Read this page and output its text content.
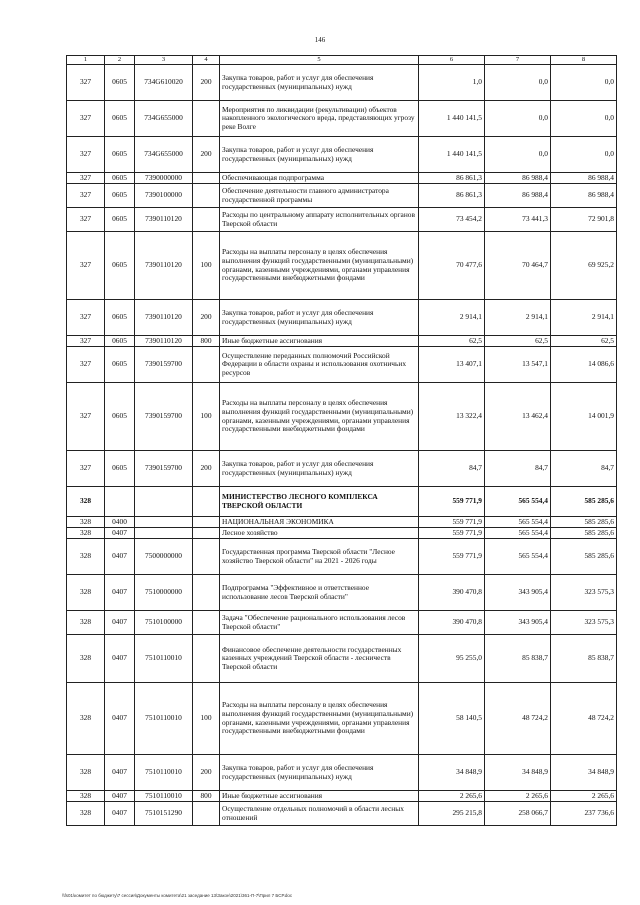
146
1	2	3	4	5	6	7	8
327	0605	734G610020	200	Закупка товаров, работ и услуг для обеспечения государственных (муниципальных) нужд	1,0	0,0	0,0
327	0605	734G655000		Мероприятия по ликвидации (рекультивации) объектов накопленного экологического вреда, представляющих угрозу реке Волге	1 440 141,5	0,0	0,0
327	0605	734G655000	200	Закупка товаров, работ и услуг для обеспечения государственных (муниципальных) нужд	1 440 141,5	0,0	0,0
327	0605	7390000000		Обеспечивающая подпрограмма	86 861,3	86 988,4	86 988,4
327	0605	7390100000		Обеспечение деятельности главного администратора государственной программы	86 861,3	86 988,4	86 988,4
327	0605	7390110120		Расходы по центральному аппарату исполнительных органов Тверской области	73 454,2	73 441,3	72 901,8
327	0605	7390110120	100	Расходы на выплаты персоналу в целях обеспечения выполнения функций государственными (муниципальными) органами, казенными учреждениями, органами управления государственными внебюджетными фондами	70 477,6	70 464,7	69 925,2
327	0605	7390110120	200	Закупка товаров, работ и услуг для обеспечения государственных (муниципальных) нужд	2 914,1	2 914,1	2 914,1
327	0605	7390110120	800	Иные бюджетные ассигнования	62,5	62,5	62,5
327	0605	7390159700		Осуществление переданных полномочий Российской Федерации в области охраны и использования охотничьих ресурсов	13 407,1	13 547,1	14 086,6
327	0605	7390159700	100	Расходы на выплаты персоналу в целях обеспечения выполнения функций государственными (муниципальными) органами, казенными учреждениями, органами управления государственными внебюджетными фондами	13 322,4	13 462,4	14 001,9
327	0605	7390159700	200	Закупка товаров, работ и услуг для обеспечения государственных (муниципальных) нужд	84,7	84,7	84,7
328				МИНИСТЕРСТВО ЛЕСНОГО КОМПЛЕКСА ТВЕРСКОЙ ОБЛАСТИ	559 771,9	565 554,4	585 285,6
328	0400			НАЦИОНАЛЬНАЯ ЭКОНОМИКА	559 771,9	565 554,4	585 285,6
328	0407			Лесное хозяйство	559 771,9	565 554,4	585 285,6
328	0407	7500000000		Государственная программа Тверской области "Лесное хозяйство Тверской области" на 2021 - 2026 годы	559 771,9	565 554,4	585 285,6
328	0407	7510000000		Подпрограмма "Эффективное и ответственное использование лесов Тверской области"	390 470,8	343 905,4	323 575,3
328	0407	7510100000		Задача "Обеспечение рационального использования лесов Тверской области"	390 470,8	343 905,4	323 575,3
328	0407	7510110010		Финансовое обеспечение деятельности государственных казенных учреждений Тверской области - лесничеств Тверской области	95 255,0	85 838,7	85 838,7
328	0407	7510110010	100	Расходы на выплаты персоналу в целях обеспечения выполнения функций государственными (муниципальными) органами, казенными учреждениями, органами управления государственными внебюджетными фондами	58 140,5	48 724,2	48 724,2
328	0407	7510110010	200	Закупка товаров, работ и услуг для обеспечения государственных (муниципальных) нужд	34 848,9	34 848,9	34 848,9
328	0407	7510110010	800	Иные бюджетные ассигнования	2 265,6	2 265,6	2 265,6
328	0407	7510151290		Осуществление отдельных полномочий в области лесных отношений	295 215,8	258 066,7	237 736,6
\\fs01\комитет по бюджету\7 сессия\Документы комитета\21 заседание 13\Закон\2021\361-П-7\Прил 7 БСР.doc
